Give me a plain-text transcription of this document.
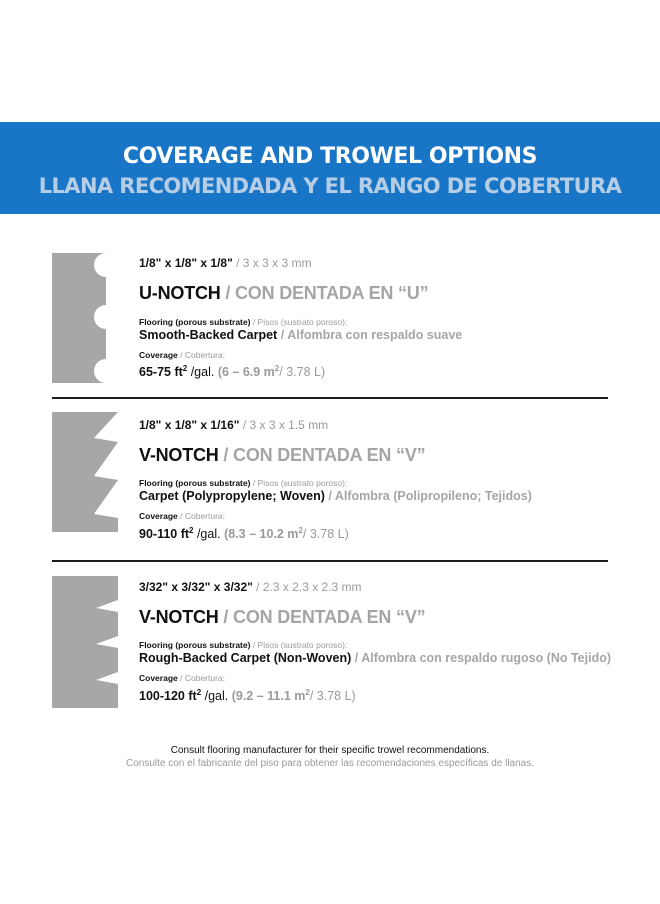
COVERAGE AND TROWEL OPTIONS
LLANA RECOMENDADA Y EL RANGO DE COBERTURA
1/8" x 1/8" x 1/8" / 3 x 3 x 3 mm
U-NOTCH / CON DENTADA EN “U”
Flooring (porous substrate) / Pisos (sustrato poroso):
Smooth-Backed Carpet / Alfombra con respaldo suave
Coverage / Cobertura:
65-75 $ft^2$ /gal. (6 – 6.9 $m^2/$ 3.78 L)
1/8" x 1/8" x 1/16" / 3 x 3 x 1.5 mm
V-NOTCH / CON DENTADA EN “V”
Flooring (porous substrate) / Pisos (sustrato poroso):
Carpet (Polypropylene; Woven) / Alfombra (Polipropileno; Tejidos)
Coverage / Cobertura:
90-110 $ft^2$ /gal. (8.3 – 10.2 $m^2/$ 3.78 L)
3/32" x 3/32" x 3/32" / 2.3 x 2.3 x 2.3 mm
V-NOTCH / CON DENTADA EN “V”
Flooring (porous substrate) / Pisos (sustrato poroso):
Rough-Backed Carpet (Non-Woven) / Alfombra con respaldo rugoso (No Tejido)
Coverage / Cobertura:
100-120 $ft^2$ /gal. (9.2 – 11.1 $m^2/$ 3.78 L)
Consult flooring manufacturer for their specific trowel recommendations.
Consulte con el fabricante del piso para obtener las recomendaciones específicas de llanas.
